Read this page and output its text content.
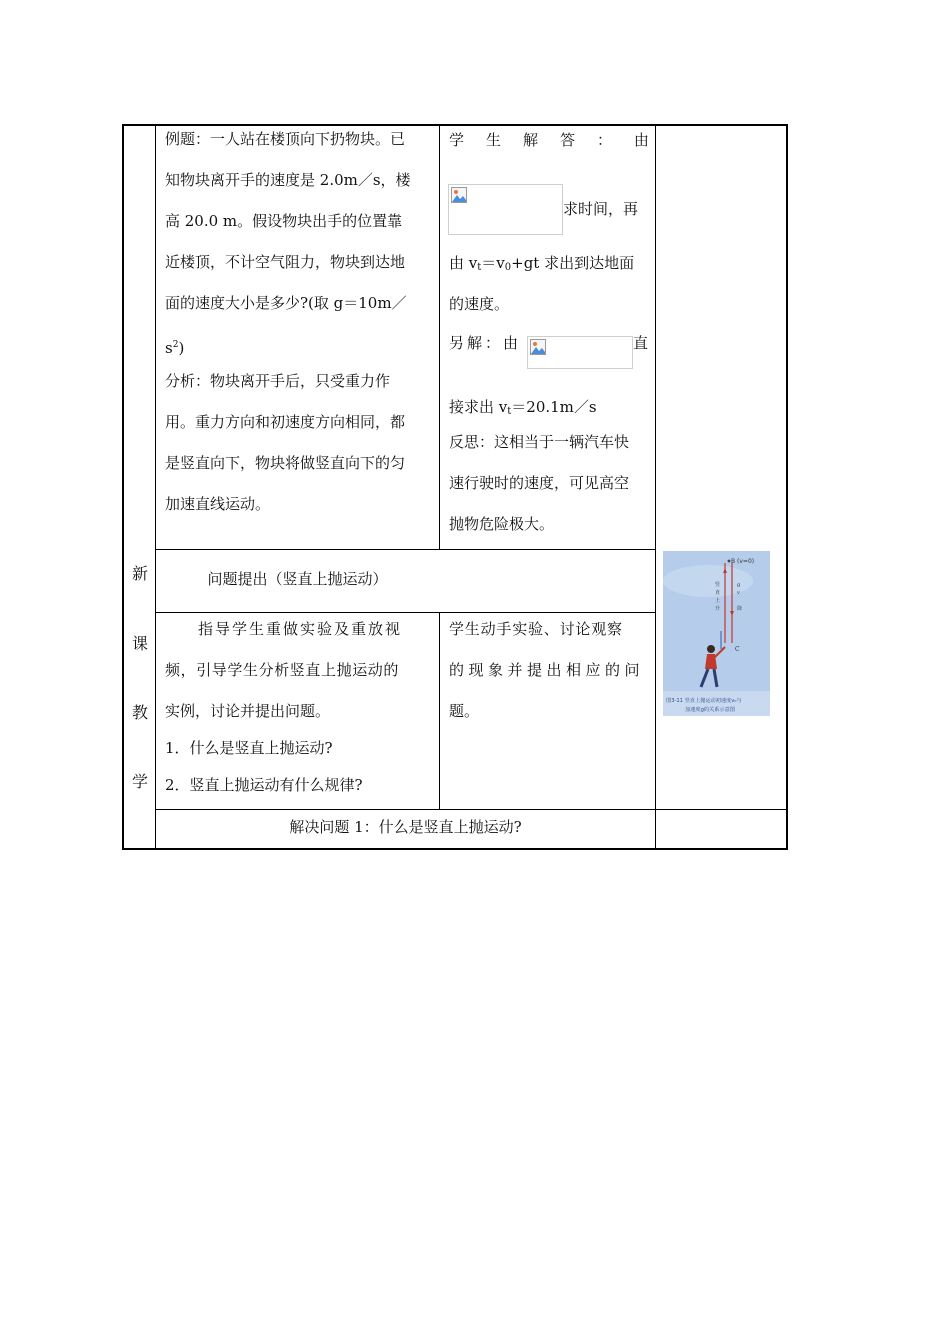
新
课
教
学
例题：一人站在楼顶向下扔物块。已
知物块离开手的速度是 2.0m／s，楼
高 20.0 m。假设物块出手的位置靠
近楼顶，不计空气阻力，物块到达地
面的速度大小是多少?(取 g＝10m／
$s^2$)
分析：物块离开手后，只受重力作
用。重力方向和初速度方向相同，都
是竖直向下，物块将做竖直向下的匀
加速直线运动。
学 生 解 答 ： 由
求时间，再
由 $v_t=v_0+gt$ 求出到达地面
的速度。
另解：由	直
接求出 $v_t=20.1m/s$
反思：这相当于一辆汽车快
速行驶时的速度，可见高空
抛物危险极大。
问题提出（竖直上抛运动）
指导学生重做实验及重放视
频，引导学生分析竖直上抛运动的
实例，讨论并提出问题。
1．什么是竖直上抛运动?
2．竖直上抛运动有什么规律?
学生动手实验、讨论观察
的现象并提出相应的问
题。
B (v=0)
竖
直
上
升
g
v
降
C
图3-11 竖直上抛运动初速度v₀与
加速度g的关系示意图
解决问题 1：什么是竖直上抛运动?
